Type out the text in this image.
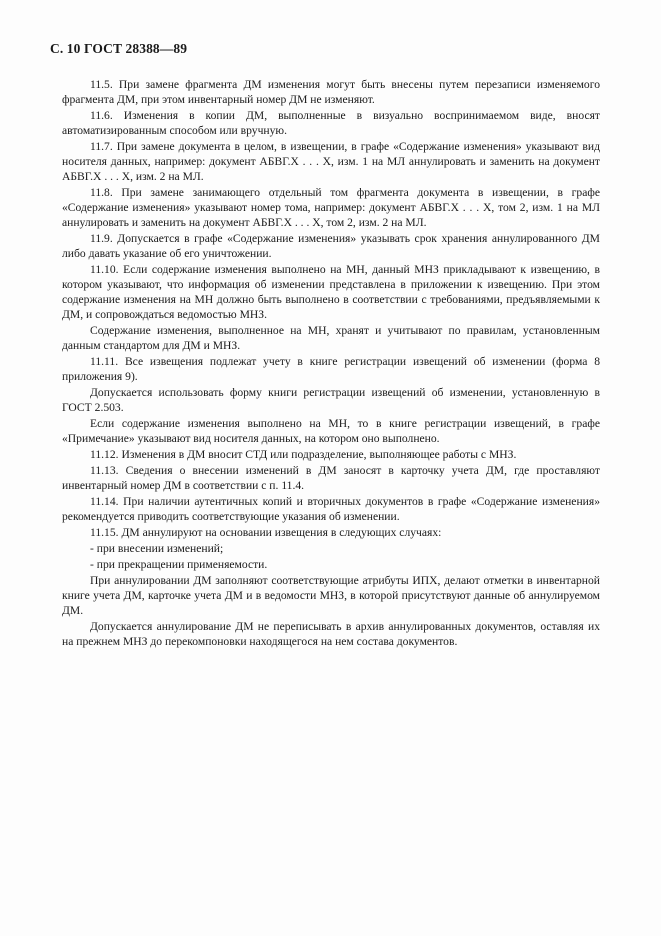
С. 10 ГОСТ 28388—89

11.5. При замене фрагмента ДМ изменения могут быть внесены путем перезаписи изменяемого фрагмента ДМ, при этом инвентарный номер ДМ не изменяют.

11.6. Изменения в копии ДМ, выполненные в визуально воспринимаемом виде, вносят автоматизированным способом или вручную.

11.7. При замене документа в целом, в извещении, в графе «Содержание изменения» указывают вид носителя данных, например: документ АБВГ.Х . . . Х, изм. 1 на МЛ аннулировать и заменить на документ АБВГ.Х . . . Х, изм. 2 на МЛ.

11.8. При замене занимающего отдельный том фрагмента документа в извещении, в графе «Содержание изменения» указывают номер тома, например: документ АБВГ.Х . . . Х, том 2, изм. 1 на МЛ аннулировать и заменить на документ АБВГ.Х . . . Х, том 2, изм. 2 на МЛ.

11.9. Допускается в графе «Содержание изменения» указывать срок хранения аннулированного ДМ либо давать указание об его уничтожении.

11.10. Если содержание изменения выполнено на МН, данный МНЗ прикладывают к извещению, в котором указывают, что информация об изменении представлена в приложении к извещению. При этом содержание изменения на МН должно быть выполнено в соответствии с требованиями, предъявляемыми к ДМ, и сопровождаться ведомостью МНЗ.

Содержание изменения, выполненное на МН, хранят и учитывают по правилам, установленным данным стандартом для ДМ и МНЗ.

11.11. Все извещения подлежат учету в книге регистрации извещений об изменении (форма 8 приложения 9).

Допускается использовать форму книги регистрации извещений об изменении, установленную в ГОСТ 2.503.

Если содержание изменения выполнено на МН, то в книге регистрации извещений, в графе «Примечание» указывают вид носителя данных, на котором оно выполнено.

11.12. Изменения в ДМ вносит СТД или подразделение, выполняющее работы с МНЗ.

11.13. Сведения о внесении изменений в ДМ заносят в карточку учета ДМ, где проставляют инвентарный номер ДМ в соответствии с п. 11.4.

11.14. При наличии аутентичных копий и вторичных документов в графе «Содержание изменения» рекомендуется приводить соответствующие указания об изменении.

11.15. ДМ аннулируют на основании извещения в следующих случаях:

- при внесении изменений;

- при прекращении применяемости.

При аннулировании ДМ заполняют соответствующие атрибуты ИПХ, делают отметки в инвентарной книге учета ДМ, карточке учета ДМ и в ведомости МНЗ, в которой присутствуют данные об аннулируемом ДМ.

Допускается аннулирование ДМ не переписывать в архив аннулированных документов, оставляя их на прежнем МНЗ до перекомпоновки находящегося на нем состава документов.
